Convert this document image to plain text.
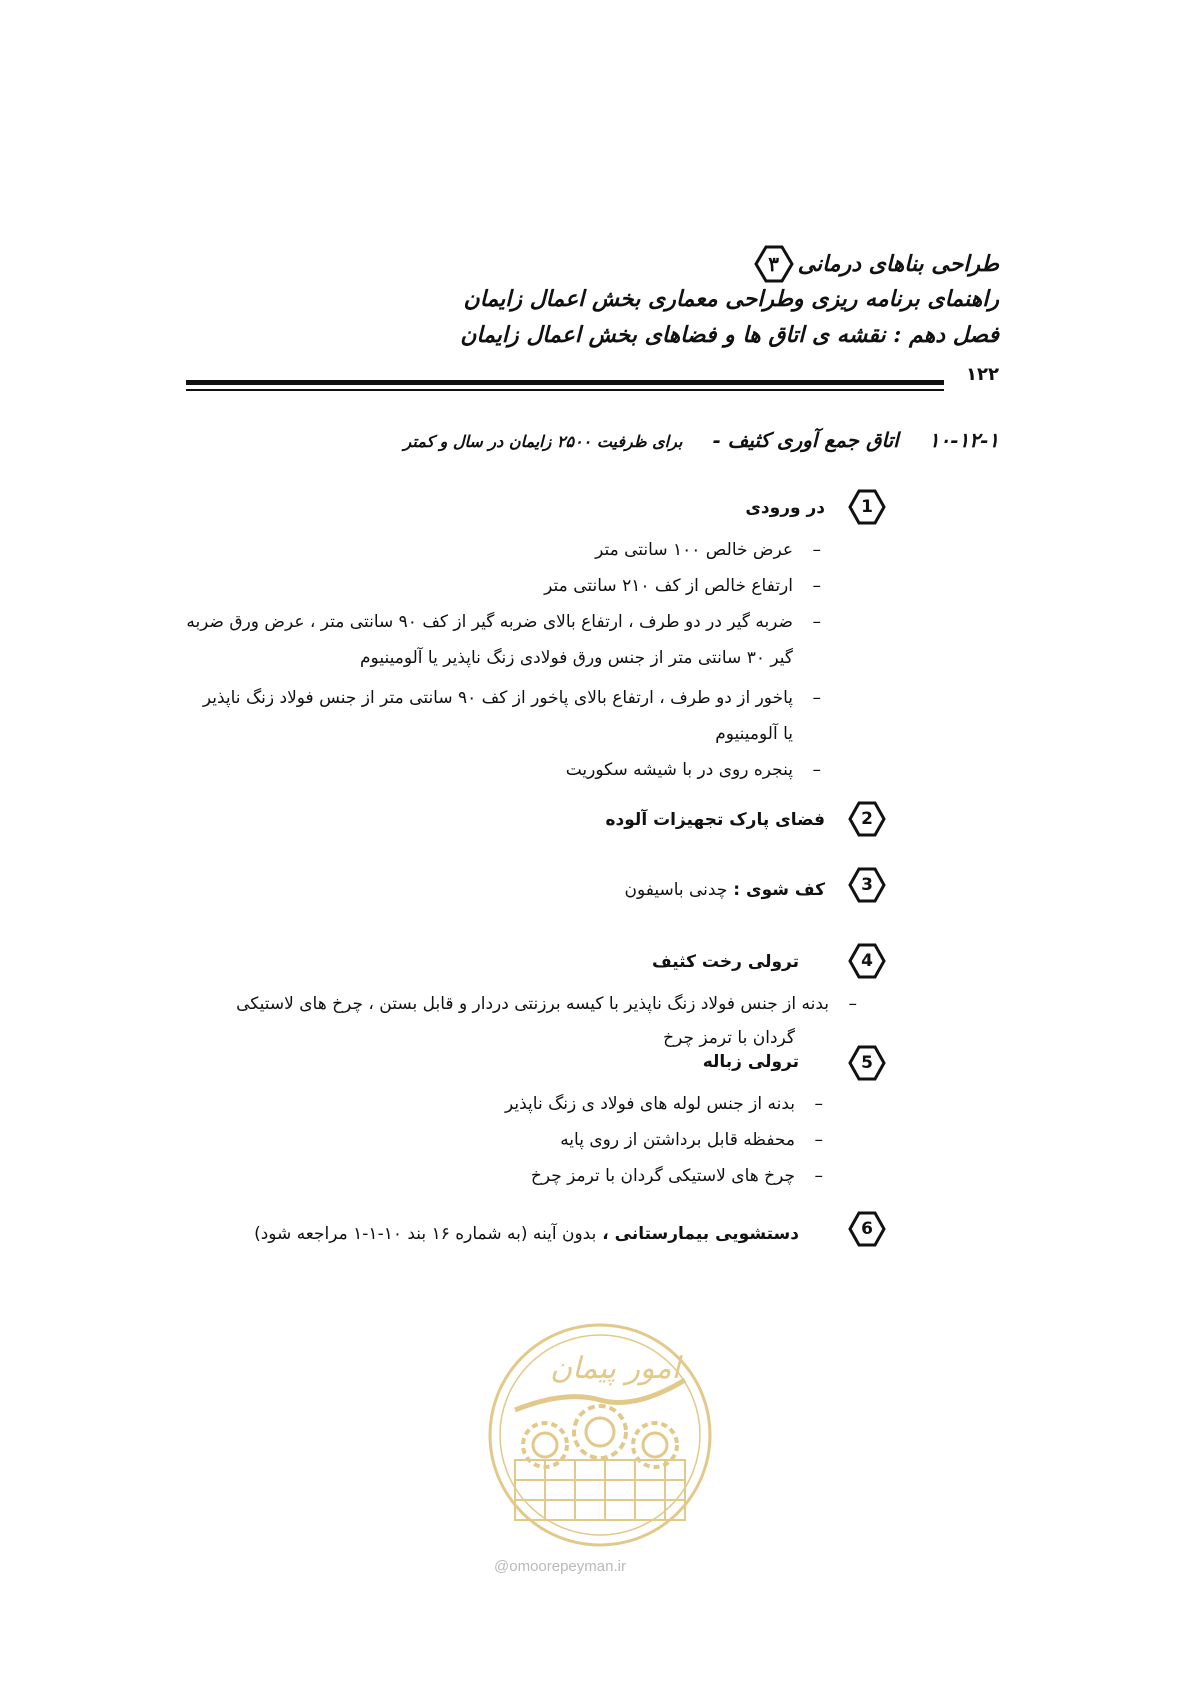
طراحی بناهای درمانی
۳
راهنمای برنامه ریزی وطراحی معماری بخش اعمال زایمان
فصل دهم : نقشه ی اتاق ها و فضاهای بخش اعمال زایمان
۱۲۲
۱۰-۱۲-۱
اتاق جمع آوری کثیف -
برای ظرفیت ۲۵۰۰ زایمان در سال و کمتر
1
در ورودی
– عرض خالص ۱۰۰ سانتی متر
– ارتفاع خالص از کف ۲۱۰ سانتی متر
– ضربه گیر در دو طرف ، ارتفاع بالای ضربه گیر از کف ۹۰ سانتی متر ، عرض ورق ضربه
گیر ۳۰ سانتی متر از جنس ورق فولادی زنگ ناپذیر یا آلومینیوم
– پاخور از دو طرف ، ارتفاع بالای پاخور از کف ۹۰ سانتی متر از جنس فولاد زنگ ناپذیر
یا آلومینیوم
– پنجره روی در با شیشه سکوریت
2
فضای پارک تجهیزات آلوده
3
کف شوی : چدنی باسیفون
4
ترولی رخت کثیف
– بدنه از جنس فولاد زنگ ناپذیر با کیسه برزنتی دردار و قابل بستن ، چرخ های لاستیکی
گردان با ترمز چرخ
5
ترولی زباله
– بدنه از جنس لوله های فولاد ی زنگ ناپذیر
– محفظه قابل برداشتن از روی پایه
– چرخ های لاستیکی گردان با ترمز چرخ
6
دستشویی بیمارستانی ، بدون آینه (به شماره ۱۶ بند ۱۰-۱-۱ مراجعه شود)
امور پیمان
@omoorepeyman.ir
